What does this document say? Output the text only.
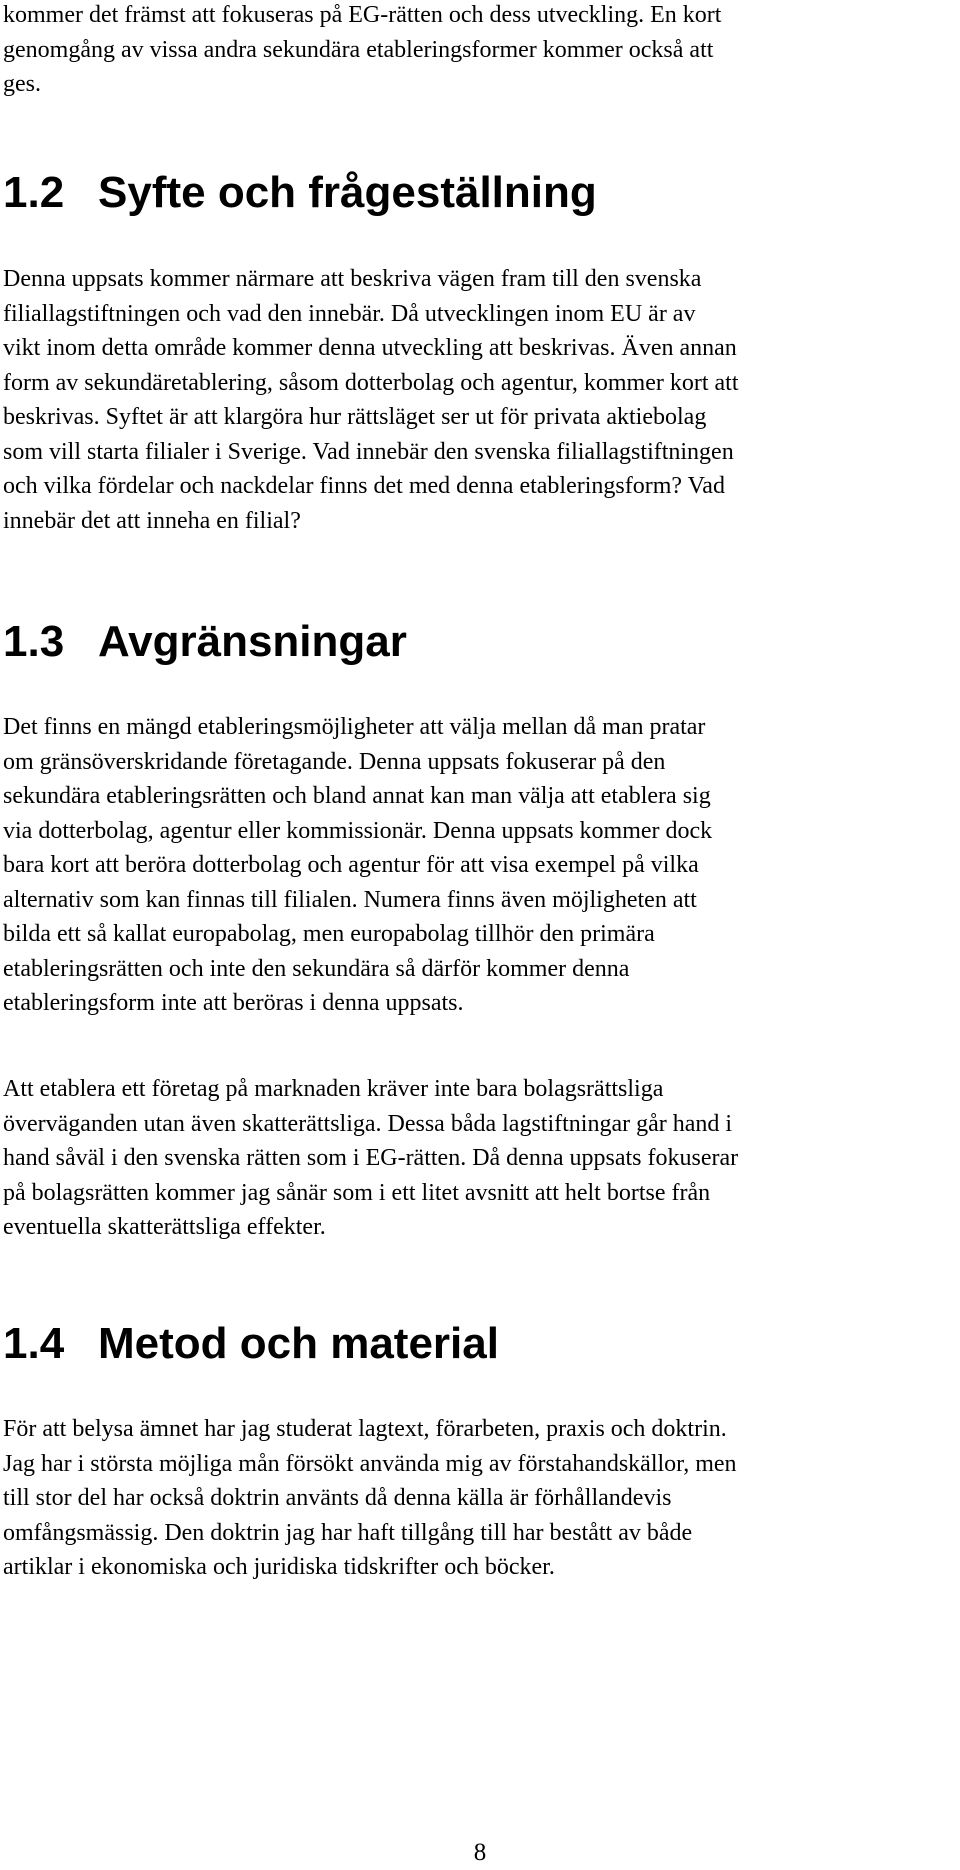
kommer det främst att fokuseras på EG-rätten och dess utveckling. En kort
genomgång av vissa andra sekundära etableringsformer kommer också att
ges.

1.2 Syfte och frågeställning

Denna uppsats kommer närmare att beskriva vägen fram till den svenska
filiallagstiftningen och vad den innebär. Då utvecklingen inom EU är av
vikt inom detta område kommer denna utveckling att beskrivas. Även annan
form av sekundäretablering, såsom dotterbolag och agentur, kommer kort att
beskrivas. Syftet är att klargöra hur rättsläget ser ut för privata aktiebolag
som vill starta filialer i Sverige. Vad innebär den svenska filiallagstiftningen
och vilka fördelar och nackdelar finns det med denna etableringsform? Vad
innebär det att inneha en filial?

1.3 Avgränsningar

Det finns en mängd etableringsmöjligheter att välja mellan då man pratar
om gränsöverskridande företagande. Denna uppsats fokuserar på den
sekundära etableringsrätten och bland annat kan man välja att etablera sig
via dotterbolag, agentur eller kommissionär. Denna uppsats kommer dock
bara kort att beröra dotterbolag och agentur för att visa exempel på vilka
alternativ som kan finnas till filialen. Numera finns även möjligheten att
bilda ett så kallat europabolag, men europabolag tillhör den primära
etableringsrätten och inte den sekundära så därför kommer denna
etableringsform inte att beröras i denna uppsats.

Att etablera ett företag på marknaden kräver inte bara bolagsrättsliga
överväganden utan även skatterättsliga. Dessa båda lagstiftningar går hand i
hand såväl i den svenska rätten som i EG-rätten. Då denna uppsats fokuserar
på bolagsrätten kommer jag sånär som i ett litet avsnitt att helt bortse från
eventuella skatterättsliga effekter.

1.4 Metod och material

För att belysa ämnet har jag studerat lagtext, förarbeten, praxis och doktrin.
Jag har i största möjliga mån försökt använda mig av förstahandskällor, men
till stor del har också doktrin använts då denna källa är förhållandevis
omfångsmässig. Den doktrin jag har haft tillgång till har bestått av både
artiklar i ekonomiska och juridiska tidskrifter och böcker.

8
